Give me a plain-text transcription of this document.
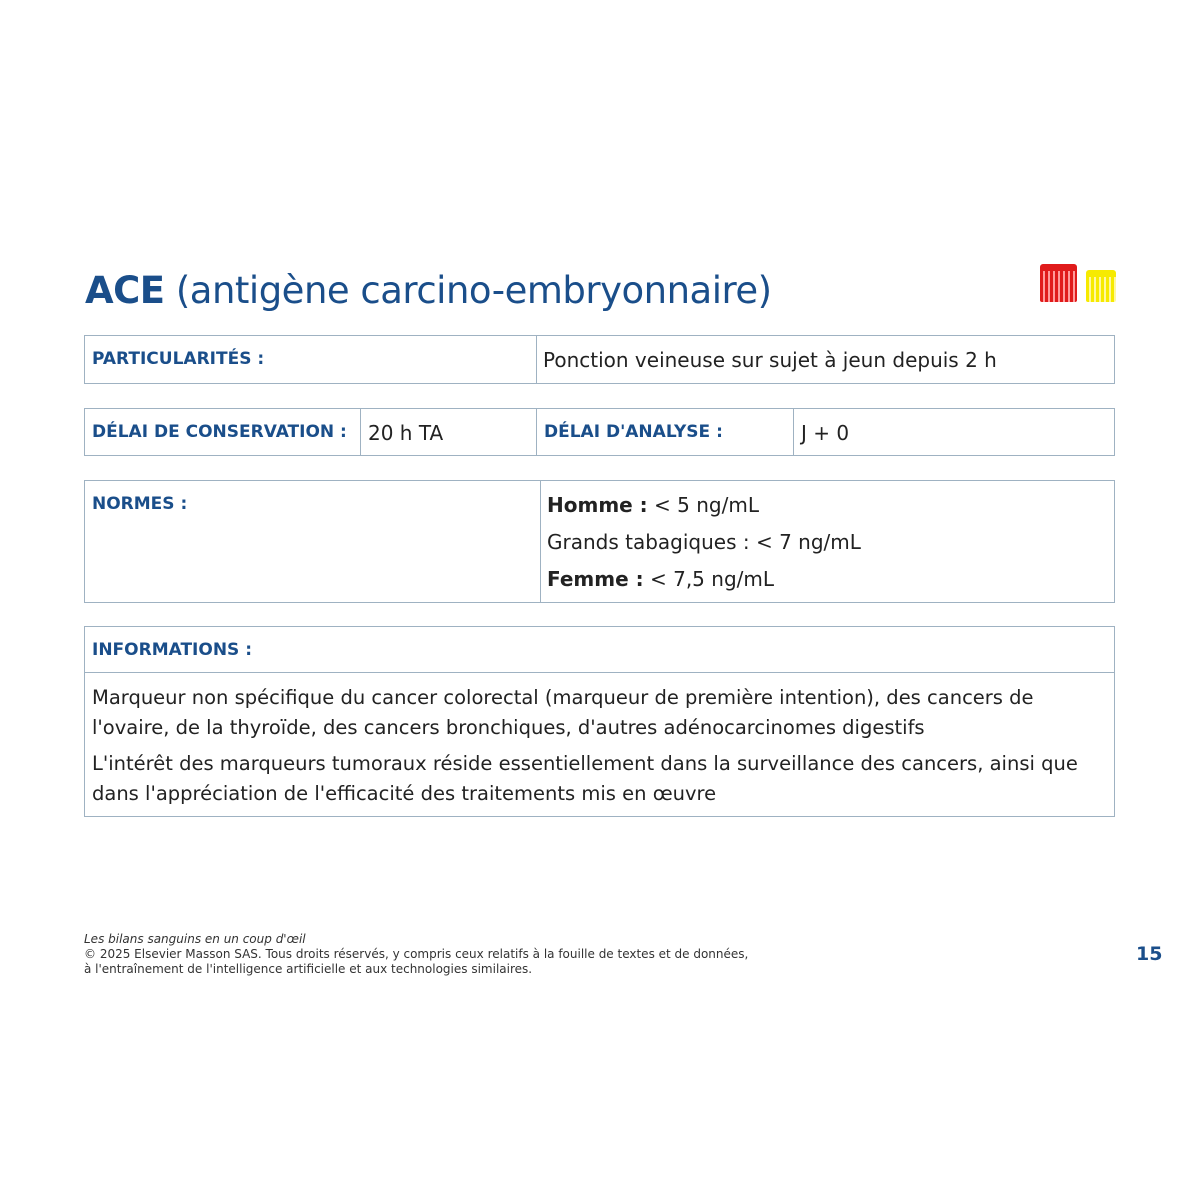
ACE (antigène carcino-embryonnaire)
PARTICULARITÉS :	Ponction veineuse sur sujet à jeun depuis 2 h
DÉLAI DE CONSERVATION : 20 h TA	DÉLAI D'ANALYSE :	J + 0
NORMES :	Homme : < 5 ng/mL
Grands tabagiques : < 7 ng/mL
Femme : < 7,5 ng/mL
INFORMATIONS :
Marqueur non spécifique du cancer colorectal (marqueur de première intention), des cancers de l'ovaire, de la thyroïde, des cancers bronchiques, d'autres adénocarcinomes digestifs
L'intérêt des marqueurs tumoraux réside essentiellement dans la surveillance des cancers, ainsi que dans l'appréciation de l'efficacité des traitements mis en œuvre
Les bilans sanguins en un coup d'œil
© 2025 Elsevier Masson SAS. Tous droits réservés, y compris ceux relatifs à la fouille de textes et de données,
à l'entraînement de l'intelligence artificielle et aux technologies similaires.
15
